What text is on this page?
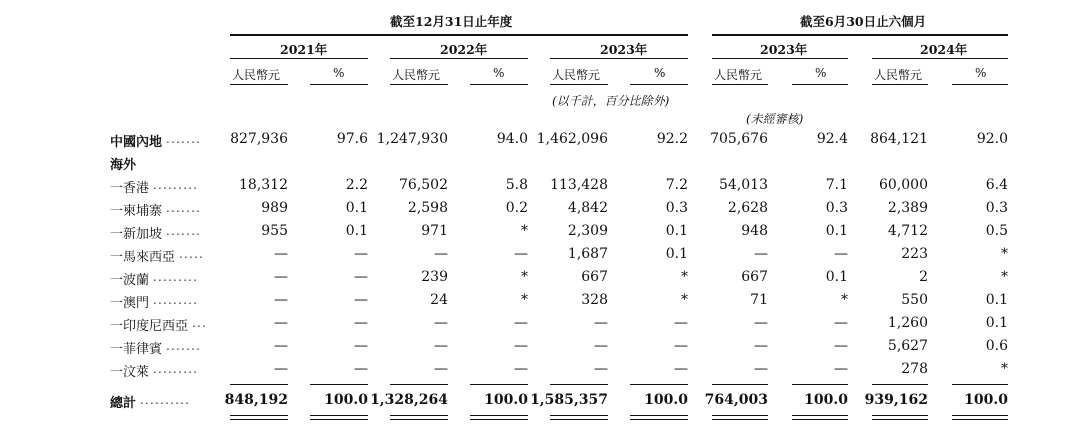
截至12月31日止年度	截至6月30日止六個月
2021年	2022年	2023年	2023年	2024年
人民幣元	%	人民幣元	%	人民幣元	%	人民幣元	%	人民幣元	%
(以千計，百分比除外)
(未經審核)
中國內地 .......	827,936	97.6 1,247,930	94.0 1,462,096	92.2	705,676	92.4	864,121	92.0
海外
一香港 .........	18,312	2.2	76,502	5.8	113,428	7.2	54,013	7.1	60,000	6.4
一柬埔寨 .......	989	0.1	2,598	0.2	4,842	0.3	2,628	0.3	2,389	0.3
一新加坡 .......	955	0.1	971	*	2,309	0.1	948	0.1	4,712	0.5
一馬來西亞 .....	—	—	—	—	1,687	0.1	—	—	223	*
一波蘭 .........	—	—	239	*	667	*	667	0.1	2	*
一澳門 .........	—	—	24	*	328	*	71	*	550	0.1
一印度尼西亞 ...	—	—	—	—	—	—	—	—	1,260	0.1
一菲律賓 .......	—	—	—	—	—	—	—	—	5,627	0.6
一汶萊 .........	—	—	—	—	—	—	—	—	278	*
總計 ..........	848,192	100.0 1,328,264	100.0 1,585,357	100.0	764,003	100.0	939,162	100.0
